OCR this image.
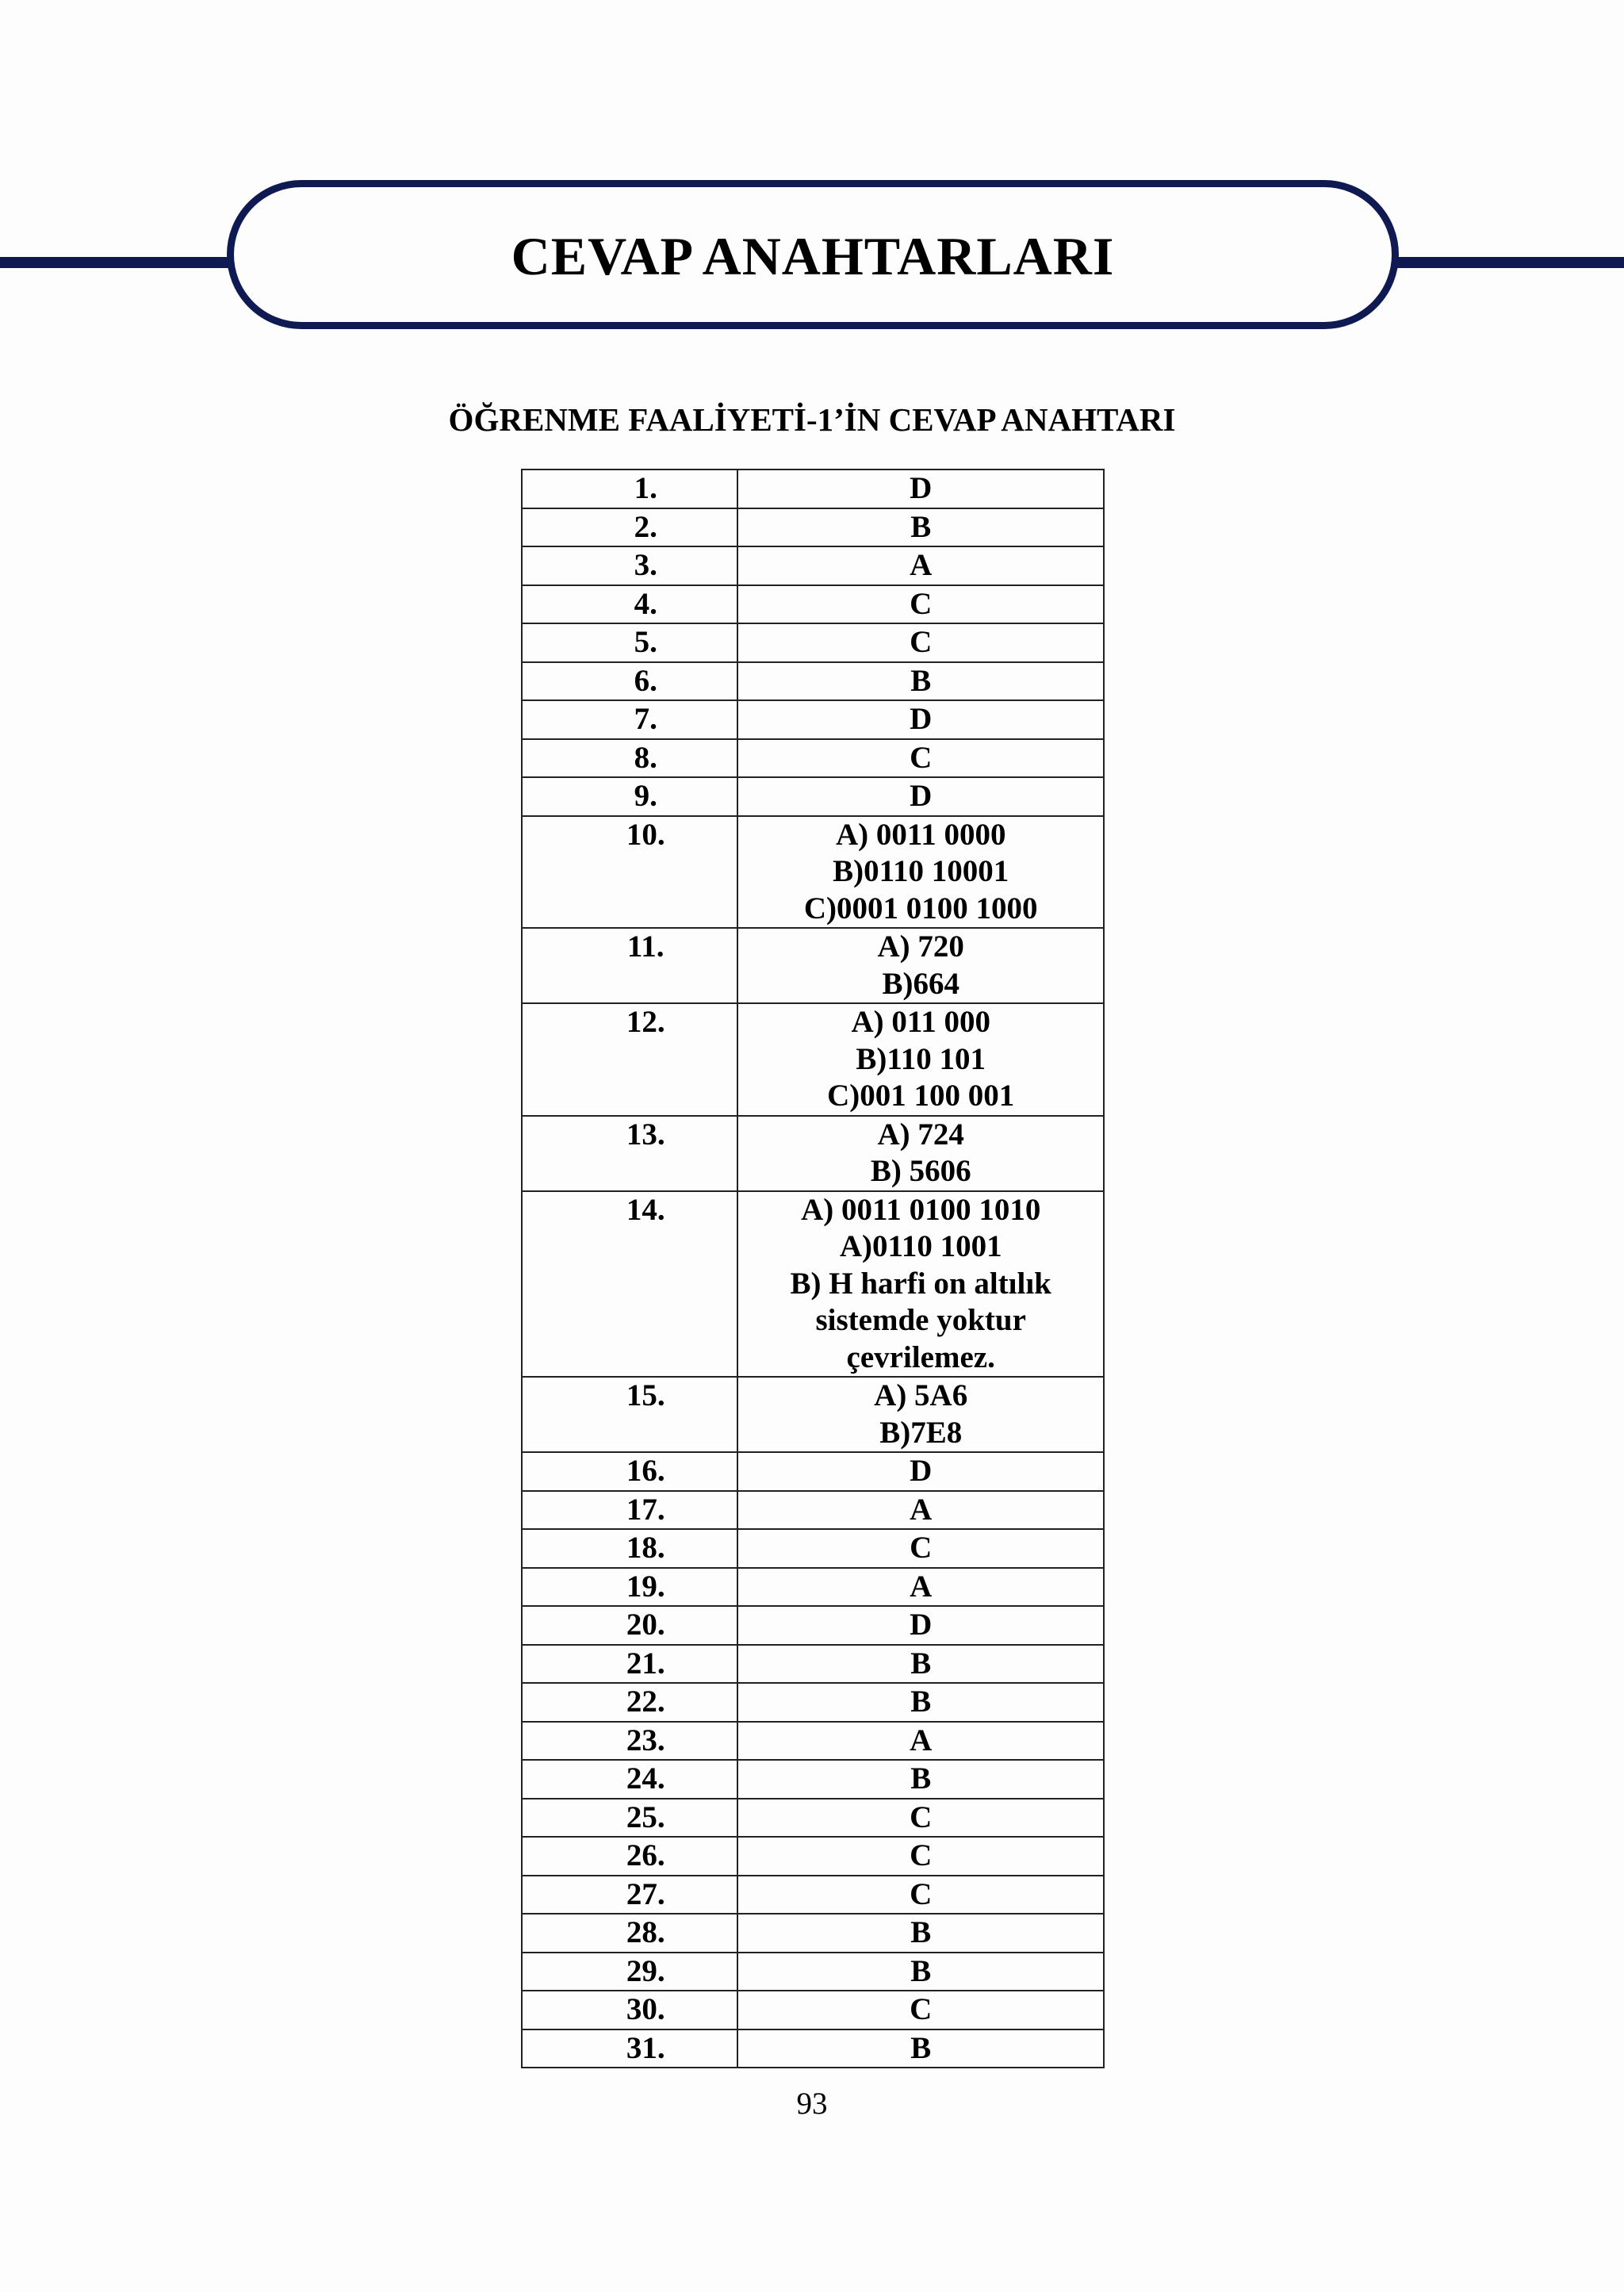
CEVAP ANAHTARLARI
ÖĞRENME FAALİYETİ-1’İN CEVAP ANAHTARI
1.	D

2.	B

3.	A

4.	C

5.	C

6.	B

7.	D

8.	C

9.	D

10.	A) 0011 0000
B)0110 10001
C)0001 0100 1000

11.	A) 720
B)664

12.	A) 011 000
B)110 101
C)001 100 001

13.	A) 724
B) 5606

14.	A) 0011 0100 1010
A)0110 1001
B) H harfi on altılık
sistemde yoktur
çevrilemez.

15.	A) 5A6
B)7E8

16.	D

17.	A

18.	C

19.	A

20.	D

21.	B

22.	B

23.	A

24.	B

25.	C

26.	C

27.	C

28.	B

29.	B

30.	C

31.	B
93
